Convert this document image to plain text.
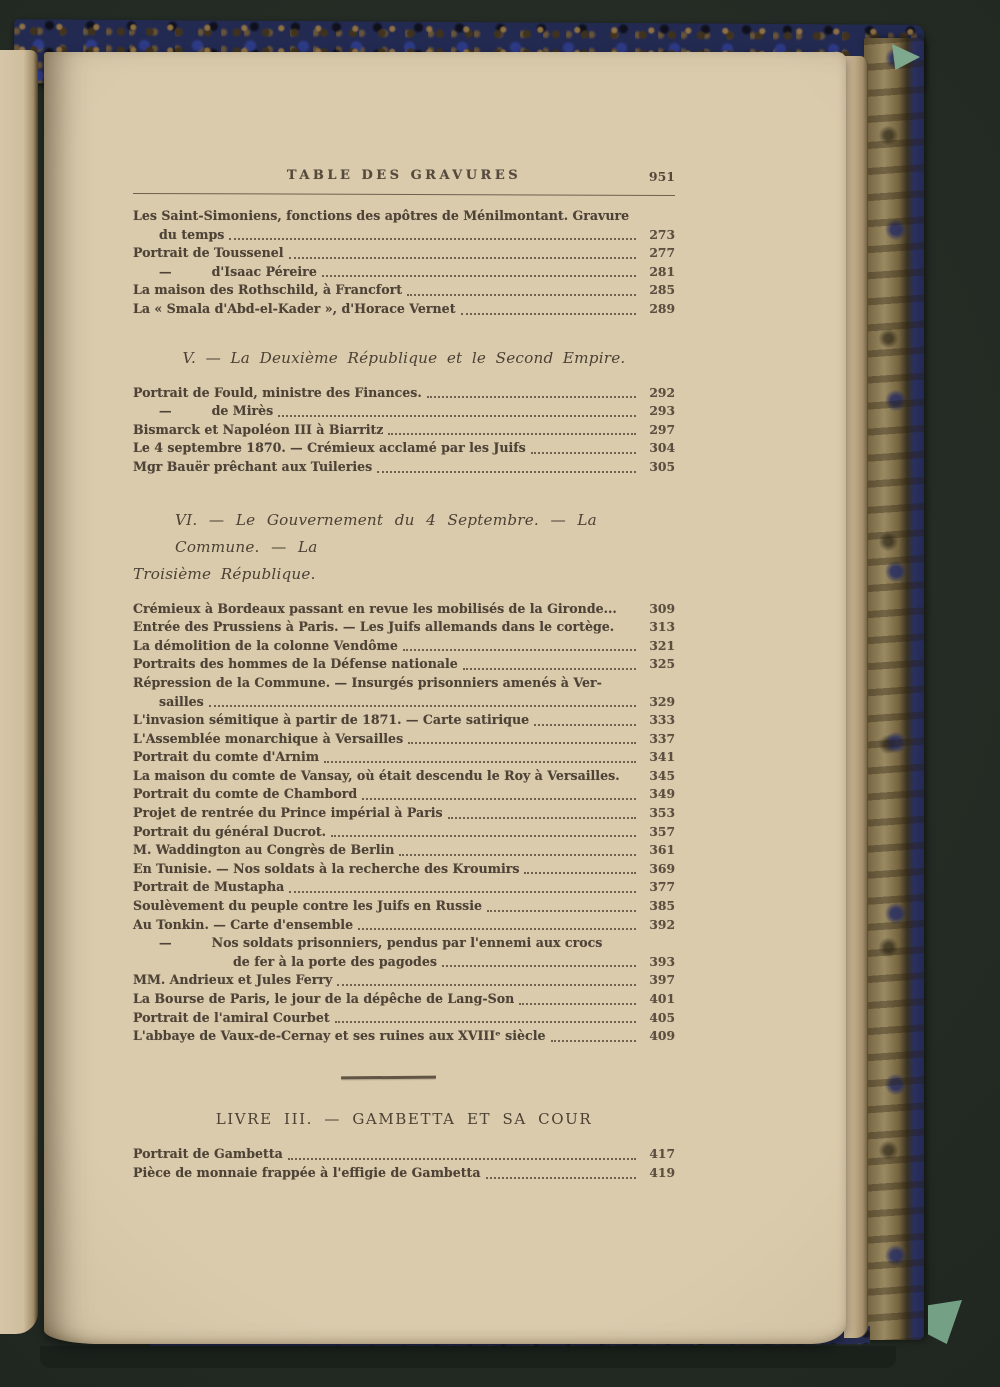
TABLE DES GRAVURES	951
Les Saint-Simoniens, fonctions des apôtres de Ménilmontant. Gravure
du temps	273
Portrait de Toussenel	277
—	d'Isaac Péreire	281
La maison des Rothschild, à Francfort	285
La « Smala d'Abd-el-Kader », d'Horace Vernet	289
V. — La Deuxième République et le Second Empire.
Portrait de Fould, ministre des Finances.	292
—	de Mirès	293
Bismarck et Napoléon III à Biarritz	297
Le 4 septembre 1870. — Crémieux acclamé par les Juifs	304
Mgr Bauër prêchant aux Tuileries	305
VI. — Le Gouvernement du 4 Septembre. — La Commune. — La
Troisième République.
Crémieux à Bordeaux passant en revue les mobilisés de la Gironde...	309
Entrée des Prussiens à Paris. — Les Juifs allemands dans le cortège.	313
La démolition de la colonne Vendôme	321
Portraits des hommes de la Défense nationale	325
Répression de la Commune. — Insurgés prisonniers amenés à Ver-
sailles	329
L'invasion sémitique à partir de 1871. — Carte satirique	333
L'Assemblée monarchique à Versailles	337
Portrait du comte d'Arnim	341
La maison du comte de Vansay, où était descendu le Roy à Versailles.	345
Portrait du comte de Chambord	349
Projet de rentrée du Prince impérial à Paris	353
Portrait du général Ducrot.	357
M. Waddington au Congrès de Berlin	361
En Tunisie. — Nos soldats à la recherche des Kroumirs	369
Portrait de Mustapha	377
Soulèvement du peuple contre les Juifs en Russie	385
Au Tonkin. — Carte d'ensemble	392
—	Nos soldats prisonniers, pendus par l'ennemi aux crocs
de fer à la porte des pagodes	393
MM. Andrieux et Jules Ferry	397
La Bourse de Paris, le jour de la dépêche de Lang-Son	401
Portrait de l'amiral Courbet	405
L'abbaye de Vaux-de-Cernay et ses ruines aux XVIIIᵉ siècle	409
LIVRE III. — GAMBETTA ET SA COUR
Portrait de Gambetta	417
Pièce de monnaie frappée à l'effigie de Gambetta	419
